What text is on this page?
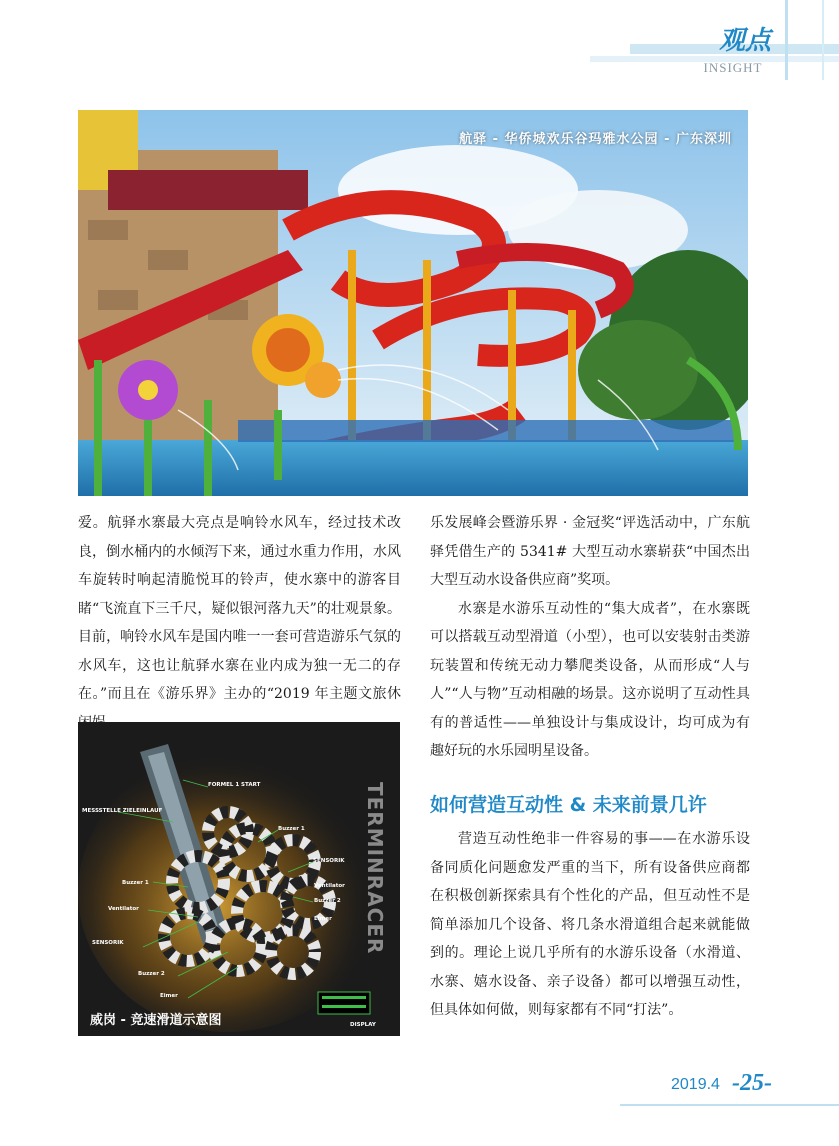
观点
INSIGHT
航驿 - 华侨城欢乐谷玛雅水公园 - 广东深圳

爱。航驿水寨最大亮点是响铃水风车，经过技术改良，倒水桶内的水倾泻下来，通过水重力作用，水风车旋转时响起清脆悦耳的铃声，使水寨中的游客目睹“飞流直下三千尺，疑似银河落九天”的壮观景象。目前，响铃水风车是国内唯一一套可营造游乐气氛的水风车，这也让航驿水寨在业内成为独一无二的存在。”而且在《游乐界》主办的“2019 年主题文旅休

FORMEL 1 START
MESSSTELLE ZIELEINLAUF
Buzzer 1
SENSORIK
Ventilator
Buzzer 2
Eimer
Buzzer 1
Ventilator
SENSORIK
Buzzer 2
Eimer
DISPLAY
TERMINRACER
威岗 - 竞速滑道示意图

乐发展峰会暨游乐界 · 金冠奖“评选活动中，广东航驿凭借生产的 5341# 大型互动水寨崭获“中国杰出大型互动水设备供应商”奖项。

水寨是水游乐互动性的“集大成者”，在水寨既可以搭载互动型滑道（小型），也可以安装射击类游玩装置和传统无动力攀爬类设备，从而形成“人与人”“人与物”互动相融的场景。这亦说明了互动性具有的普适性——单独设计与集成设计，均可成为有趣好玩的水乐园明星设备。

如何营造互动性 & 未来前景几许

营造互动性绝非一件容易的事——在水游乐设备同质化问题愈发严重的当下，所有设备供应商都在积极创新探索具有个性化的产品，但互动性不是简单添加几个设备、将几条水滑道组合起来就能做到的。理论上说几乎所有的水游乐设备（水滑道、水寨、嬉水设备、亲子设备）都可以增强互动性，但具体如何做，则每家都有不同“打法”。

2019.4 -25-
